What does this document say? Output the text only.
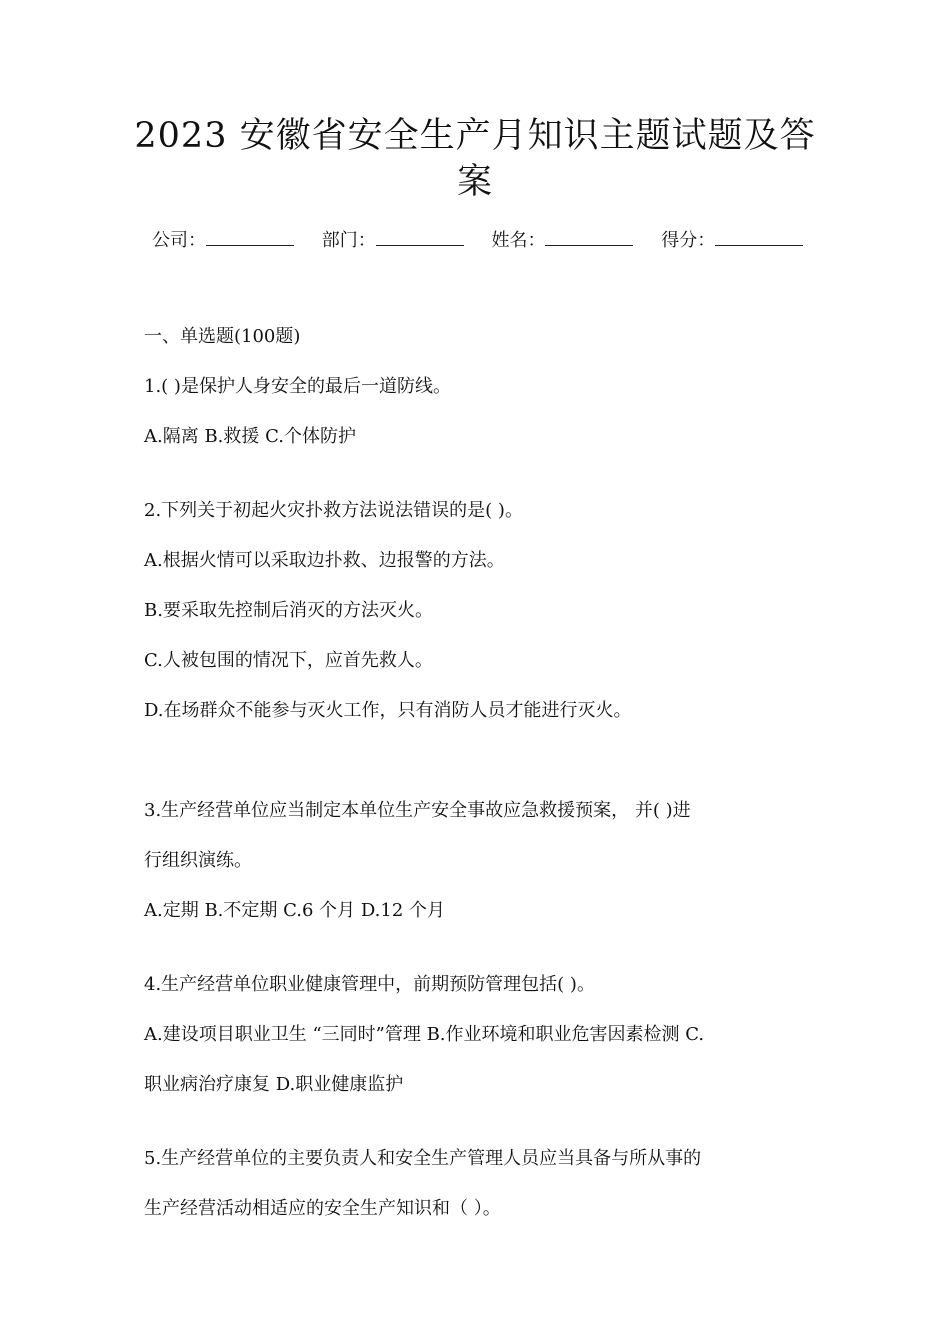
2023 安徽省安全生产月知识主题试题及答
案
公司：	部门：	姓名：	得分：
一、单选题(100题)
1.( )是保护人身安全的最后一道防线。
A.隔离 B.救援 C.个体防护
2.下列关于初起火灾扑救方法说法错误的是( )。
A.根据火情可以采取边扑救、边报警的方法。
B.要采取先控制后消灭的方法灭火。
C.人被包围的情况下，应首先救人。
D.在场群众不能参与灭火工作，只有消防人员才能进行灭火。
3.生产经营单位应当制定本单位生产安全事故应急救援预案， 并( )进
行组织演练。
A.定期 B.不定期 C.6 个月 D.12 个月
4.生产经营单位职业健康管理中，前期预防管理包括( )。
A.建设项目职业卫生 “三同时”管理 B.作业环境和职业危害因素检测 C.
职业病治疗康复 D.职业健康监护
5.生产经营单位的主要负责人和安全生产管理人员应当具备与所从事的
生产经营活动相适应的安全生产知识和（ ）。
